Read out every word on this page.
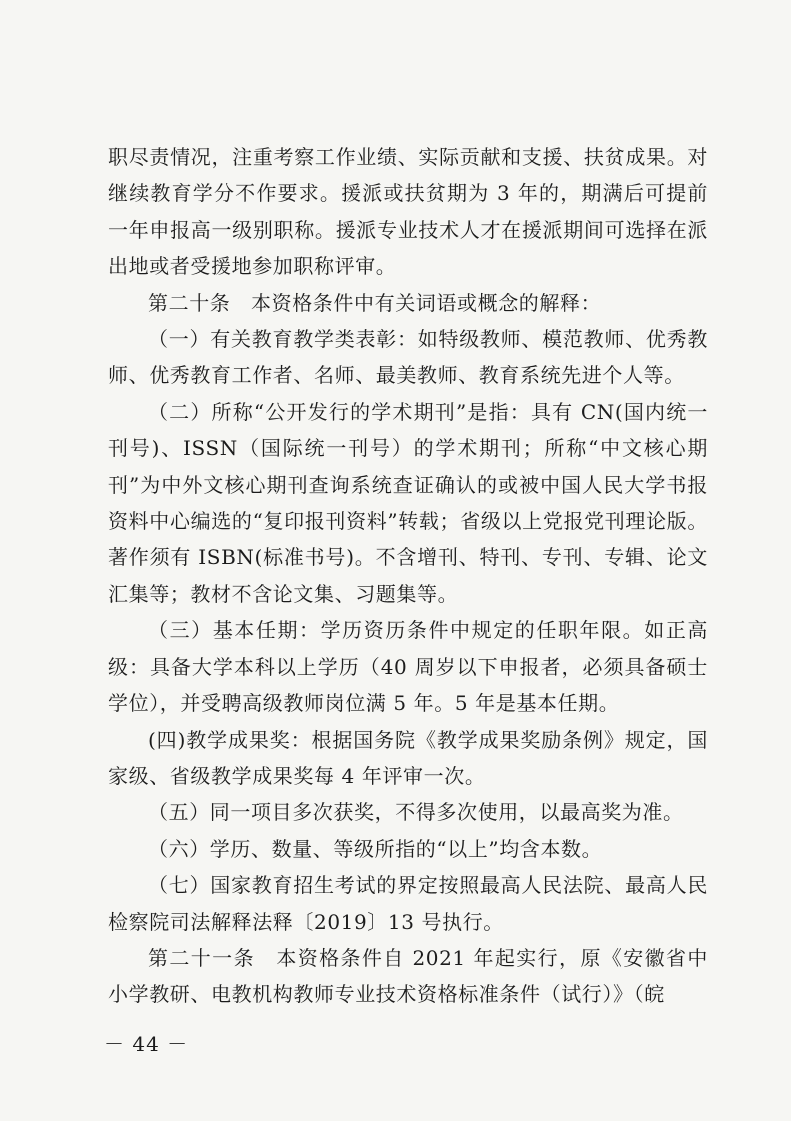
职尽责情况，注重考察工作业绩、实际贡献和支援、扶贫成果。对继续教育学分不作要求。援派或扶贫期为 3 年的，期满后可提前一年申报高一级别职称。援派专业技术人才在援派期间可选择在派出地或者受援地参加职称评审。

第二十条　本资格条件中有关词语或概念的解释：

（一）有关教育教学类表彰：如特级教师、模范教师、优秀教师、优秀教育工作者、名师、最美教师、教育系统先进个人等。

（二）所称“公开发行的学术期刊”是指：具有 CN(国内统一刊号)、ISSN（国际统一刊号）的学术期刊；所称“中文核心期刊”为中外文核心期刊查询系统查证确认的或被中国人民大学书报资料中心编选的“复印报刊资料”转载；省级以上党报党刊理论版。著作须有 ISBN(标准书号)。不含增刊、特刊、专刊、专辑、论文汇集等；教材不含论文集、习题集等。

（三）基本任期：学历资历条件中规定的任职年限。如正高级：具备大学本科以上学历（40 周岁以下申报者，必须具备硕士学位），并受聘高级教师岗位满 5 年。5 年是基本任期。

(四)教学成果奖：根据国务院《教学成果奖励条例》规定，国家级、省级教学成果奖每 4 年评审一次。

（五）同一项目多次获奖，不得多次使用，以最高奖为准。

（六）学历、数量、等级所指的“以上”均含本数。

（七）国家教育招生考试的界定按照最高人民法院、最高人民检察院司法解释法释〔2019〕13 号执行。

第二十一条　本资格条件自 2021 年起实行，原《安徽省中小学教研、电教机构教师专业技术资格标准条件（试行）》（皖

－ 44 －
